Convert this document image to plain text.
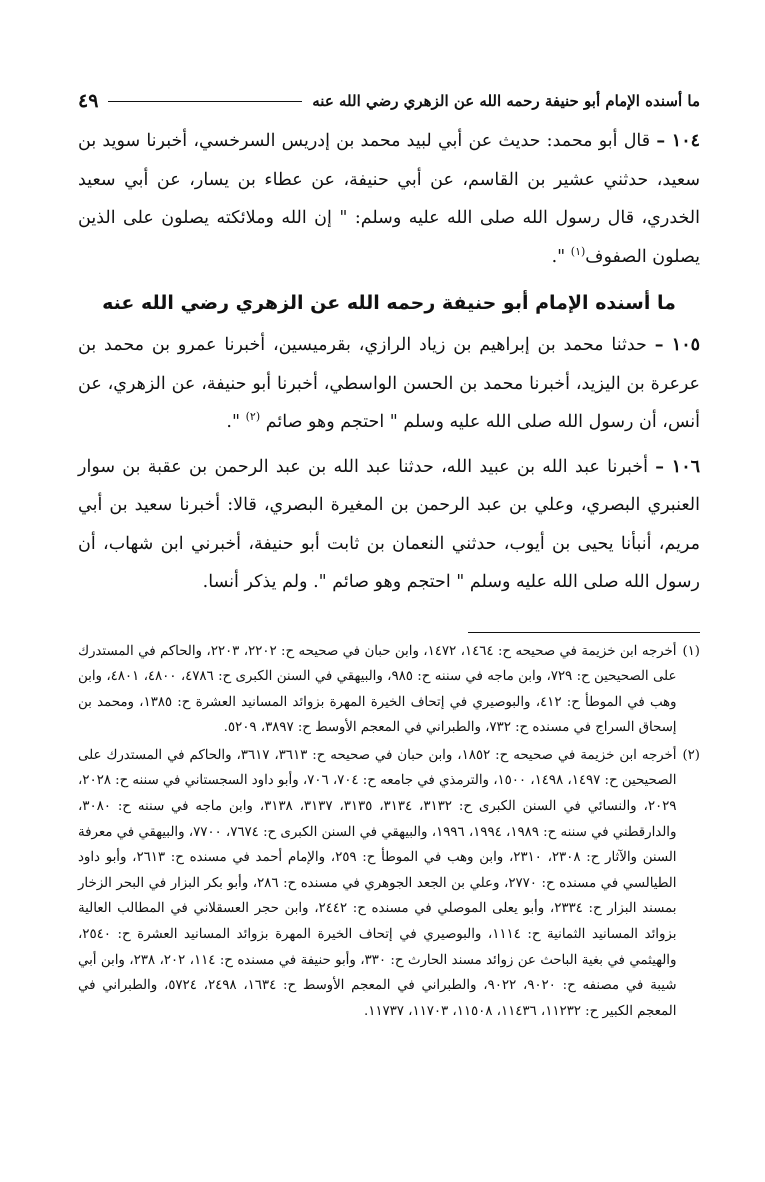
ما أسنده الإمام أبو حنيفة رحمه الله عن الزهري رضي الله عنه
٤٩

١٠٤ – قال أبو محمد: حديث عن أبي لبيد محمد بن إدريس السرخسي، أخبرنا سويد بن سعيد، حدثني عشير بن القاسم، عن أبي حنيفة، عن عطاء بن يسار، عن أبي سعيد الخدري، قال رسول الله صلى الله عليه وسلم: " إن الله وملائكته يصلون على الذين يصلون الصفوف$^{(١)}$ ".

ما أسنده الإمام أبو حنيفة رحمه الله عن الزهري رضي الله عنه

١٠٥ – حدثنا محمد بن إبراهيم بن زياد الرازي، بقرميسين، أخبرنا عمرو بن محمد بن عرعرة بن اليزيد، أخبرنا محمد بن الحسن الواسطي، أخبرنا أبو حنيفة، عن الزهري، عن أنس، أن رسول الله صلى الله عليه وسلم " احتجم وهو صائم $^{(٢)}$ ".

١٠٦ – أخبرنا عبد الله بن عبيد الله، حدثنا عبد الله بن عبد الرحمن بن عقبة بن سوار العنبري البصري، وعلي بن عبد الرحمن بن المغيرة البصري، قالا: أخبرنا سعيد بن أبي مريم، أنبأنا يحيى بن أيوب، حدثني النعمان بن ثابت أبو حنيفة، أخبرني ابن شهاب، أن رسول الله صلى الله عليه وسلم " احتجم وهو صائم ". ولم يذكر أنسا.

(١)
أخرجه ابن خزيمة في صحيحه ح: ١٤٦٤، ١٤٧٢، وابن حبان في صحيحه ح: ٢٢٠٢، ٢٢٠٣، والحاكم في المستدرك على الصحيحين ح: ٧٢٩، وابن ماجه في سننه ح: ٩٨٥، والبيهقي في السنن الكبرى ح: ٤٧٨٦، ٤٨٠٠، ٤٨٠١، وابن وهب في الموطأ ح: ٤١٢، والبوصيري في إتحاف الخيرة المهرة بزوائد المسانيد العشرة ح: ١٣٨٥، ومحمد بن إسحاق السراج في مسنده ح: ٧٣٢، والطبراني في المعجم الأوسط ح: ٣٨٩٧، ٥٢٠٩.
(٢)
أخرجه ابن خزيمة في صحيحه ح: ١٨٥٢، وابن حبان في صحيحه ح: ٣٦١٣، ٣٦١٧، والحاكم في المستدرك على الصحيحين ح: ١٤٩٧، ١٤٩٨، ١٥٠٠، والترمذي في جامعه ح: ٧٠٤، ٧٠٦، وأبو داود السجستاني في سننه ح: ٢٠٢٨، ٢٠٢٩، والنسائي في السنن الكبرى ح: ٣١٣٢، ٣١٣٤، ٣١٣٥، ٣١٣٧، ٣١٣٨، وابن ماجه في سننه ح: ٣٠٨٠، والدارقطني في سننه ح: ١٩٨٩، ١٩٩٤، ١٩٩٦، والبيهقي في السنن الكبرى ح: ٧٦٧٤، ٧٧٠٠، والبيهقي في معرفة السنن والآثار ح: ٢٣٠٨، ٢٣١٠، وابن وهب في الموطأ ح: ٢٥٩، والإمام أحمد في مسنده ح: ٢٦١٣، وأبو داود الطيالسي في مسنده ح: ٢٧٧٠، وعلي بن الجعد الجوهري في مسنده ح: ٢٨٦، وأبو بكر البزار في البحر الزخار بمسند البزار ح: ٢٣٣٤، وأبو يعلى الموصلي في مسنده ح: ٢٤٤٢، وابن حجر العسقلاني في المطالب العالية بزوائد المسانيد الثمانية ح: ١١١٤، والبوصيري في إتحاف الخيرة المهرة بزوائد المسانيد العشرة ح: ٢٥٤٠، والهيثمي في بغية الباحث عن زوائد مسند الحارث ح: ٣٣٠، وأبو حنيفة في مسنده ح: ١١٤، ٢٠٢، ٢٣٨، وابن أبي شيبة في مصنفه ح: ٩٠٢٠، ٩٠٢٢، والطبراني في المعجم الأوسط ح: ١٦٣٤، ٢٤٩٨، ٥٧٢٤، والطبراني في المعجم الكبير ح: ١١٢٣٢، ١١٤٣٦، ١١٥٠٨، ١١٧٠٣، ١١٧٣٧.
